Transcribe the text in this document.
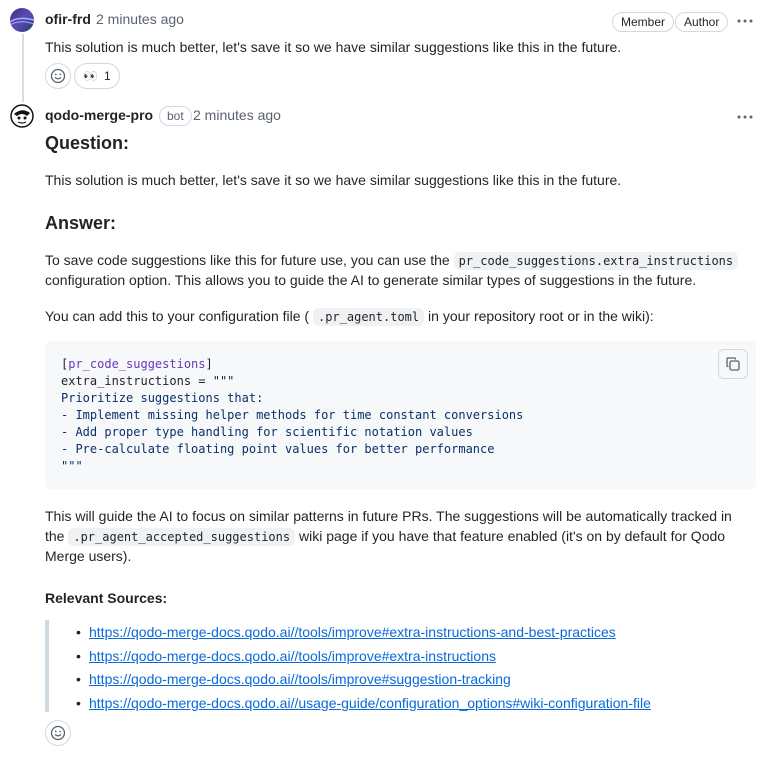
ofir-frd 2 minutes ago	Member	Author
This solution is much better, let's save it so we have similar suggestions like this in the future.
👀 1
qodo-merge-pro	bot 2 minutes ago
Question:
This solution is much better, let's save it so we have similar suggestions like this in the future.
Answer:
To save code suggestions like this for future use, you can use the pr_code_suggestions.extra_instructions
configuration option. This allows you to guide the AI to generate similar types of suggestions in the future.
You can add this to your configuration file ( .pr_agent.toml in your repository root or in the wiki):
[pr_code_suggestions]
extra_instructions = """
Prioritize suggestions that:
- Implement missing helper methods for time constant conversions
- Add proper type handling for scientific notation values
- Pre-calculate floating point values for better performance
"""
This will guide the AI to focus on similar patterns in future PRs. The suggestions will be automatically tracked in
the .pr_agent_accepted_suggestions wiki page if you have that feature enabled (it's on by default for Qodo
Merge users).
Relevant Sources:
• https://qodo-merge-docs.qodo.ai//tools/improve#extra-instructions-and-best-practices
• https://qodo-merge-docs.qodo.ai//tools/improve#extra-instructions
• https://qodo-merge-docs.qodo.ai//tools/improve#suggestion-tracking
• https://qodo-merge-docs.qodo.ai//usage-guide/configuration_options#wiki-configuration-file
